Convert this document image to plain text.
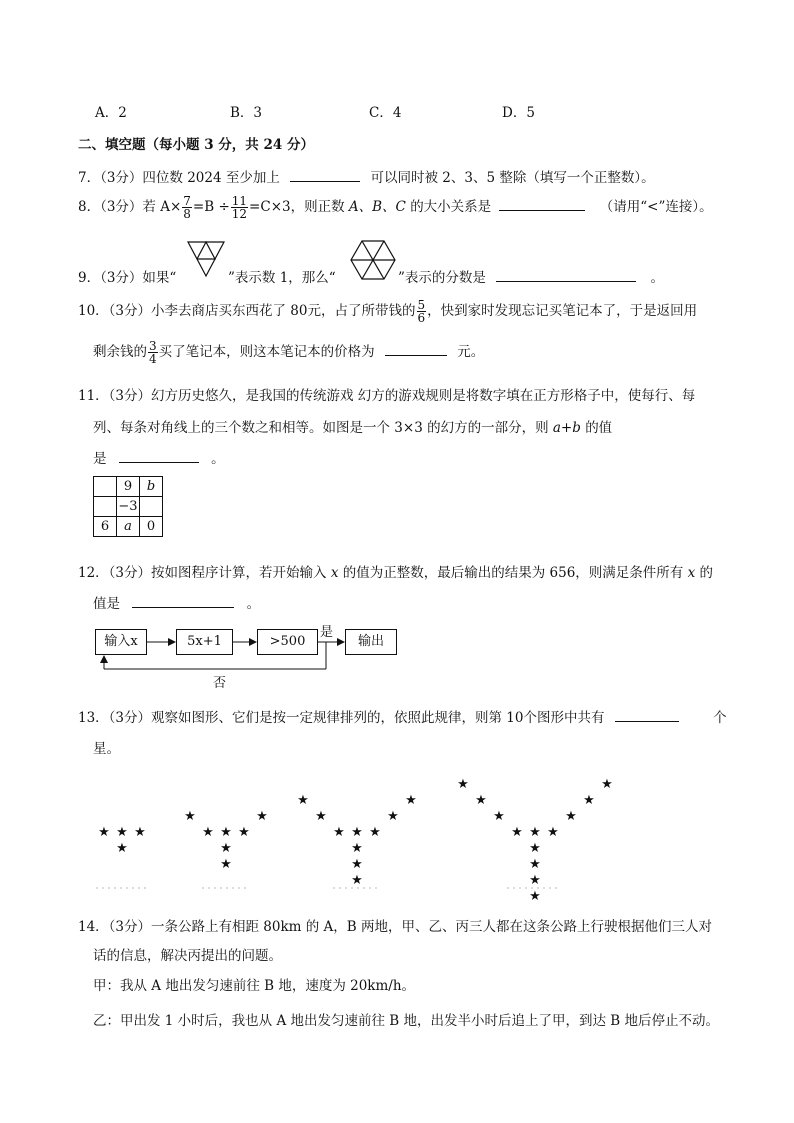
A．2	B．3	C．4	D．5
二、填空题（每小题 3 分，共 24 分）
7．（3分）四位数 2024 至少加上	可以同时被 2、3、5 整除（填写一个正整数）。
8．（3分）若 $A\times \frac{7}{8} =B \div \frac{11}{12} =C\times 3$，则正数 A、B、C 的大小关系是	（请用“<”连接）。
9．（3分）如果“	”表示数 1，那么“	”表示的分数是	。
10．（3分）小李去商店买东西花了 80元，占了所带钱的 $\frac{5}{6}$ ，快到家时发现忘记买笔记本了，于是返回用
剩余钱的 $\frac{3}{4}$ 买了笔记本，则这本笔记本的价格为	元。
11．（3分）幻方历史悠久，是我国的传统游戏 幻方的游戏规则是将数字填在正方形格子中，使每行、每
列、每条对角线上的三个数之和相等。如图是一个 3×3 的幻方的一部分，则 a+b 的值
是	。
	9	b
	−3	
6	a	0
12．（3分）按如图程序计算，若开始输入 x 的值为正整数，最后输出的结果为 656，则满足条件所有 x 的
值是	。
输入x	5x+1	>500	输出
是
否
13．（3分）观察如图形、它们是按一定规律排列的，依照此规律，则第 10个图形中共有	个
星。
★
★
★ ★	★
★
★ ★
★
★	★
★
★
★ ★
★
★	★
★
★	★
★
★
★ ★
★
★	★
★
★	★
★
★	★
14．（3分）一条公路上有相距 80km 的 A，B 两地，甲、乙、丙三人都在这条公路上行驶根据他们三人对
话的信息，解决丙提出的问题。
甲：我从 A 地出发匀速前往 B 地，速度为 20km/h。
乙：甲出发 1 小时后，我也从 A 地出发匀速前往 B 地，出发半小时后追上了甲，到达 B 地后停止不动。
